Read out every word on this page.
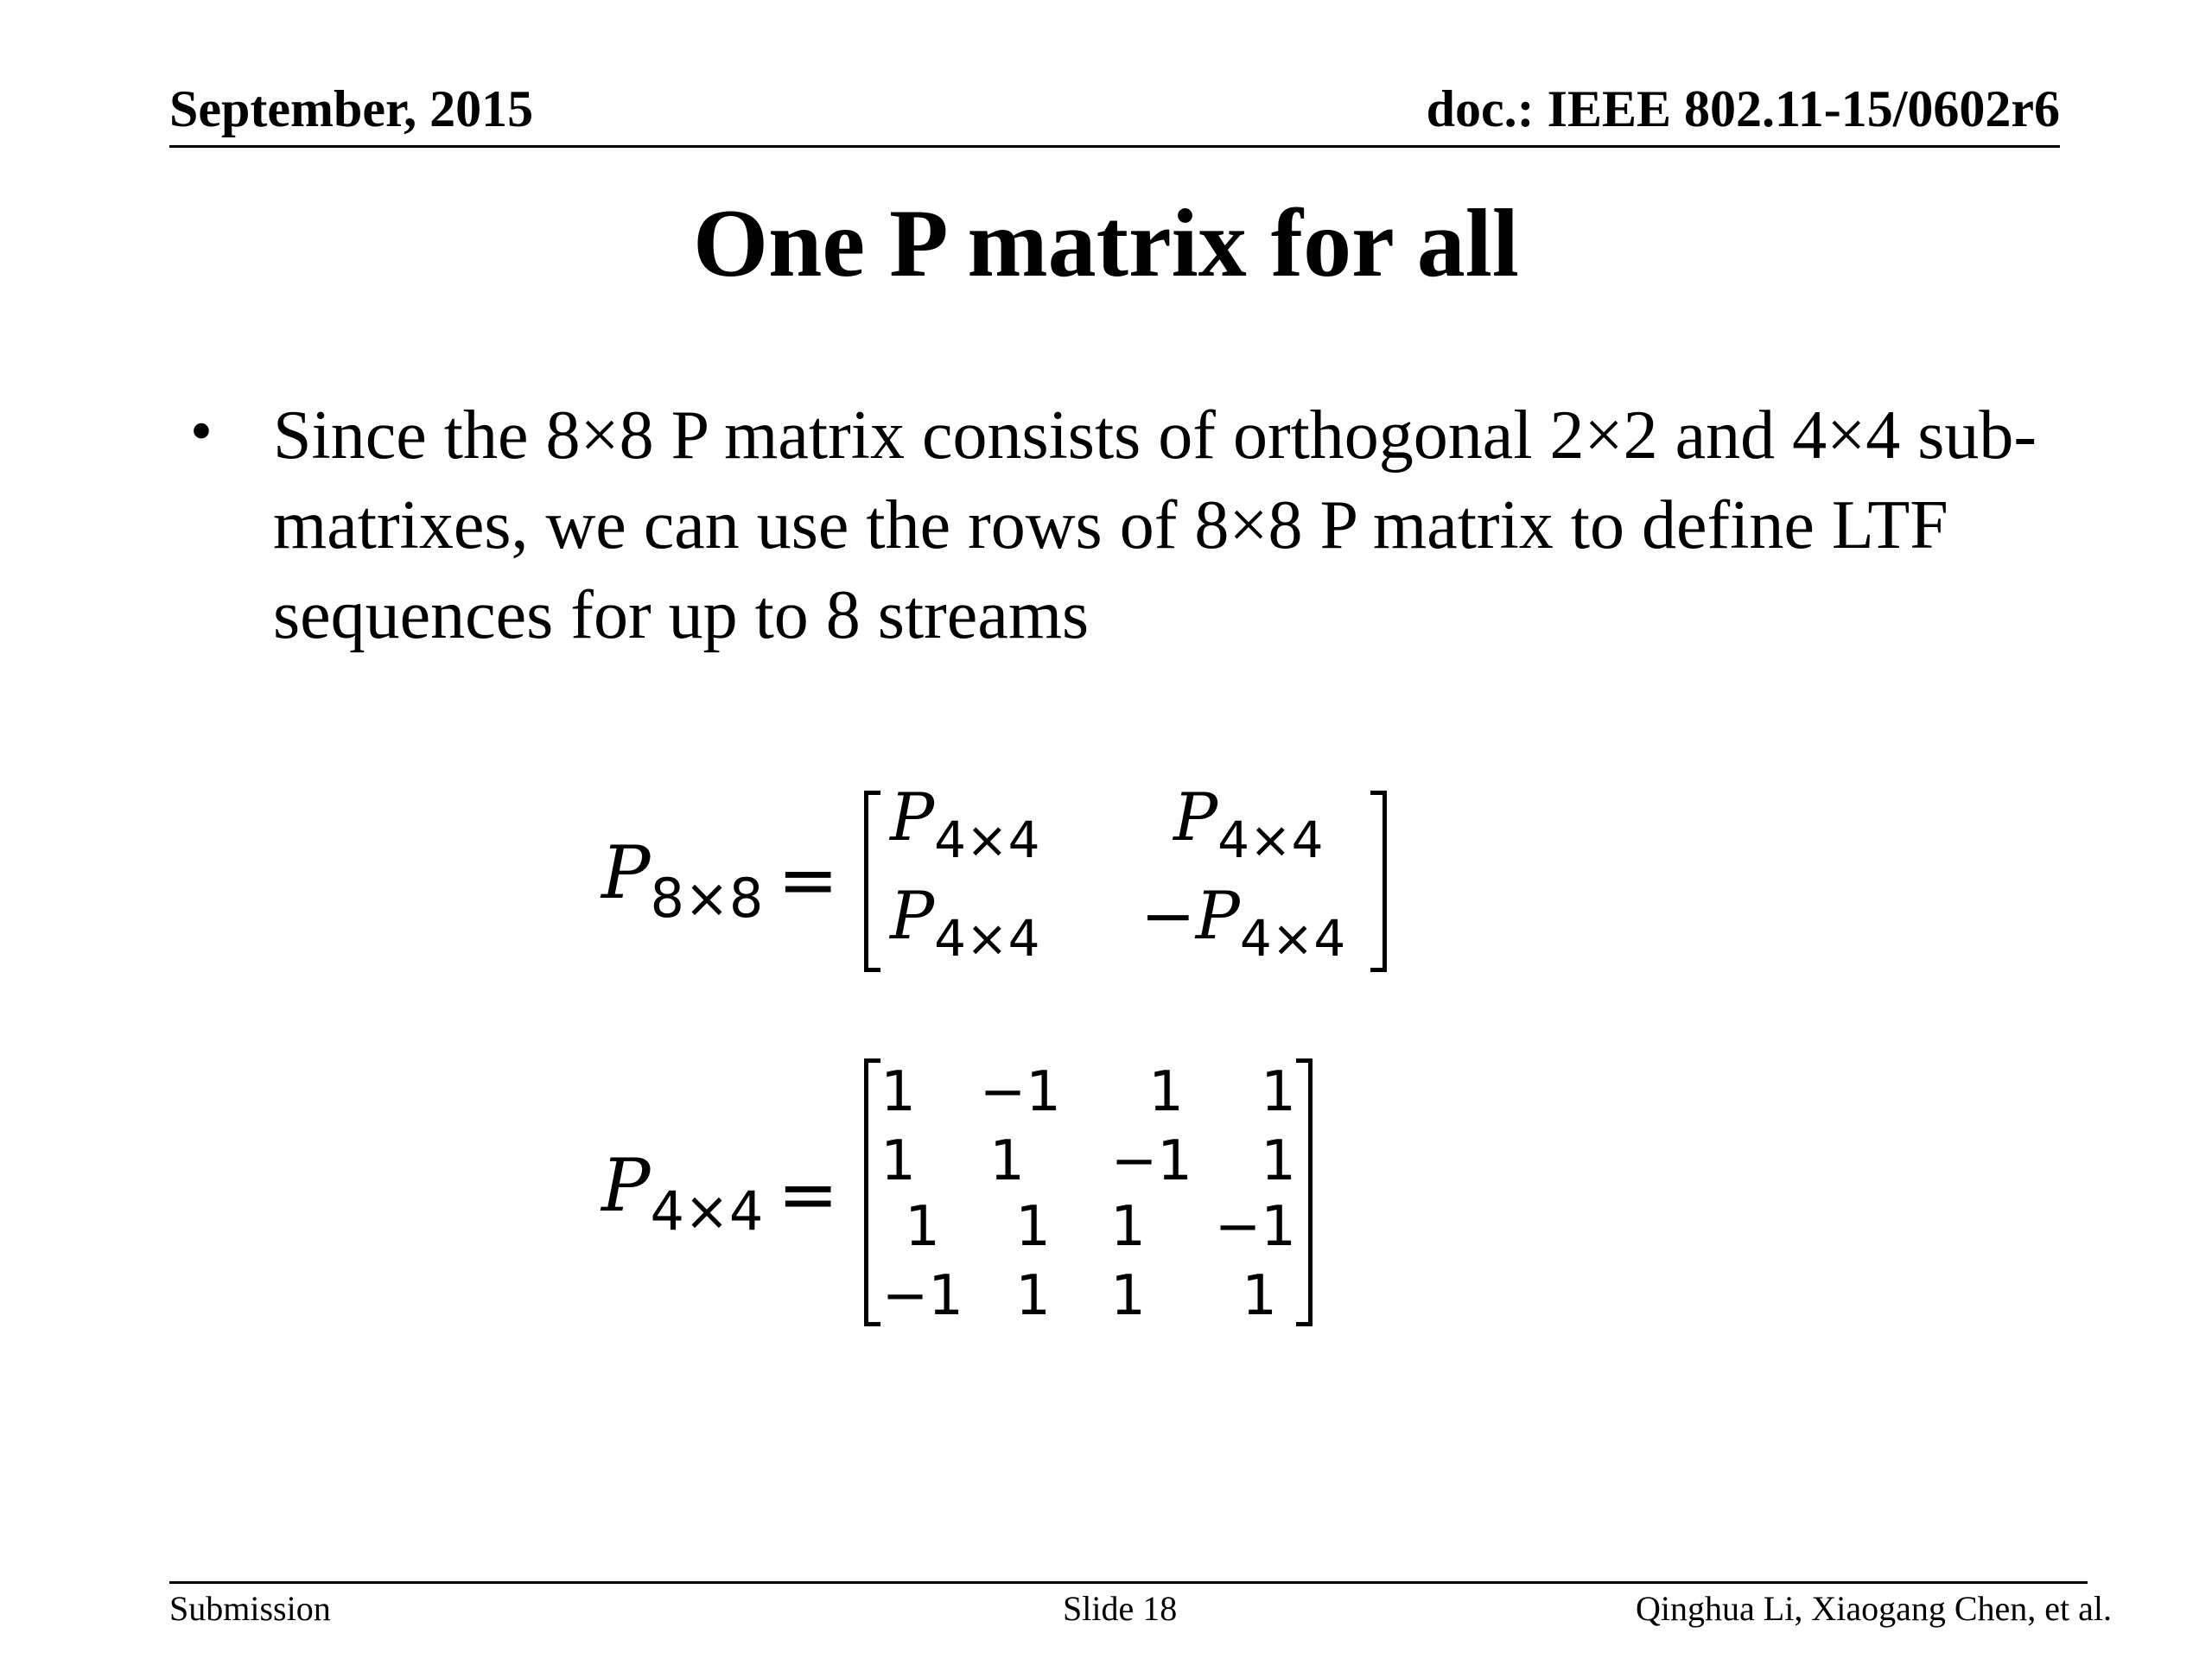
September, 2015	doc.: IEEE 802.11-15/0602r6
One P matrix for all
• Since the 8×8 P matrix consists of orthogonal 2×2 and 4×4 sub-matrixes, we can use the rows of 8×8 P matrix to define LTF sequences for up to 8 streams
$P_{8\times 8}$ =
$P_{4\times 4}$ $P_{4\times 4}$
$P_{4\times 4} -P_{4\times 4}$
$P_{4\times 4}$ =
1	−1	1	1
1	1	−1	1
1	1	1	−1
−1 1	1	1
Submission	Slide 18	Qinghua Li, Xiaogang Chen, et al.
